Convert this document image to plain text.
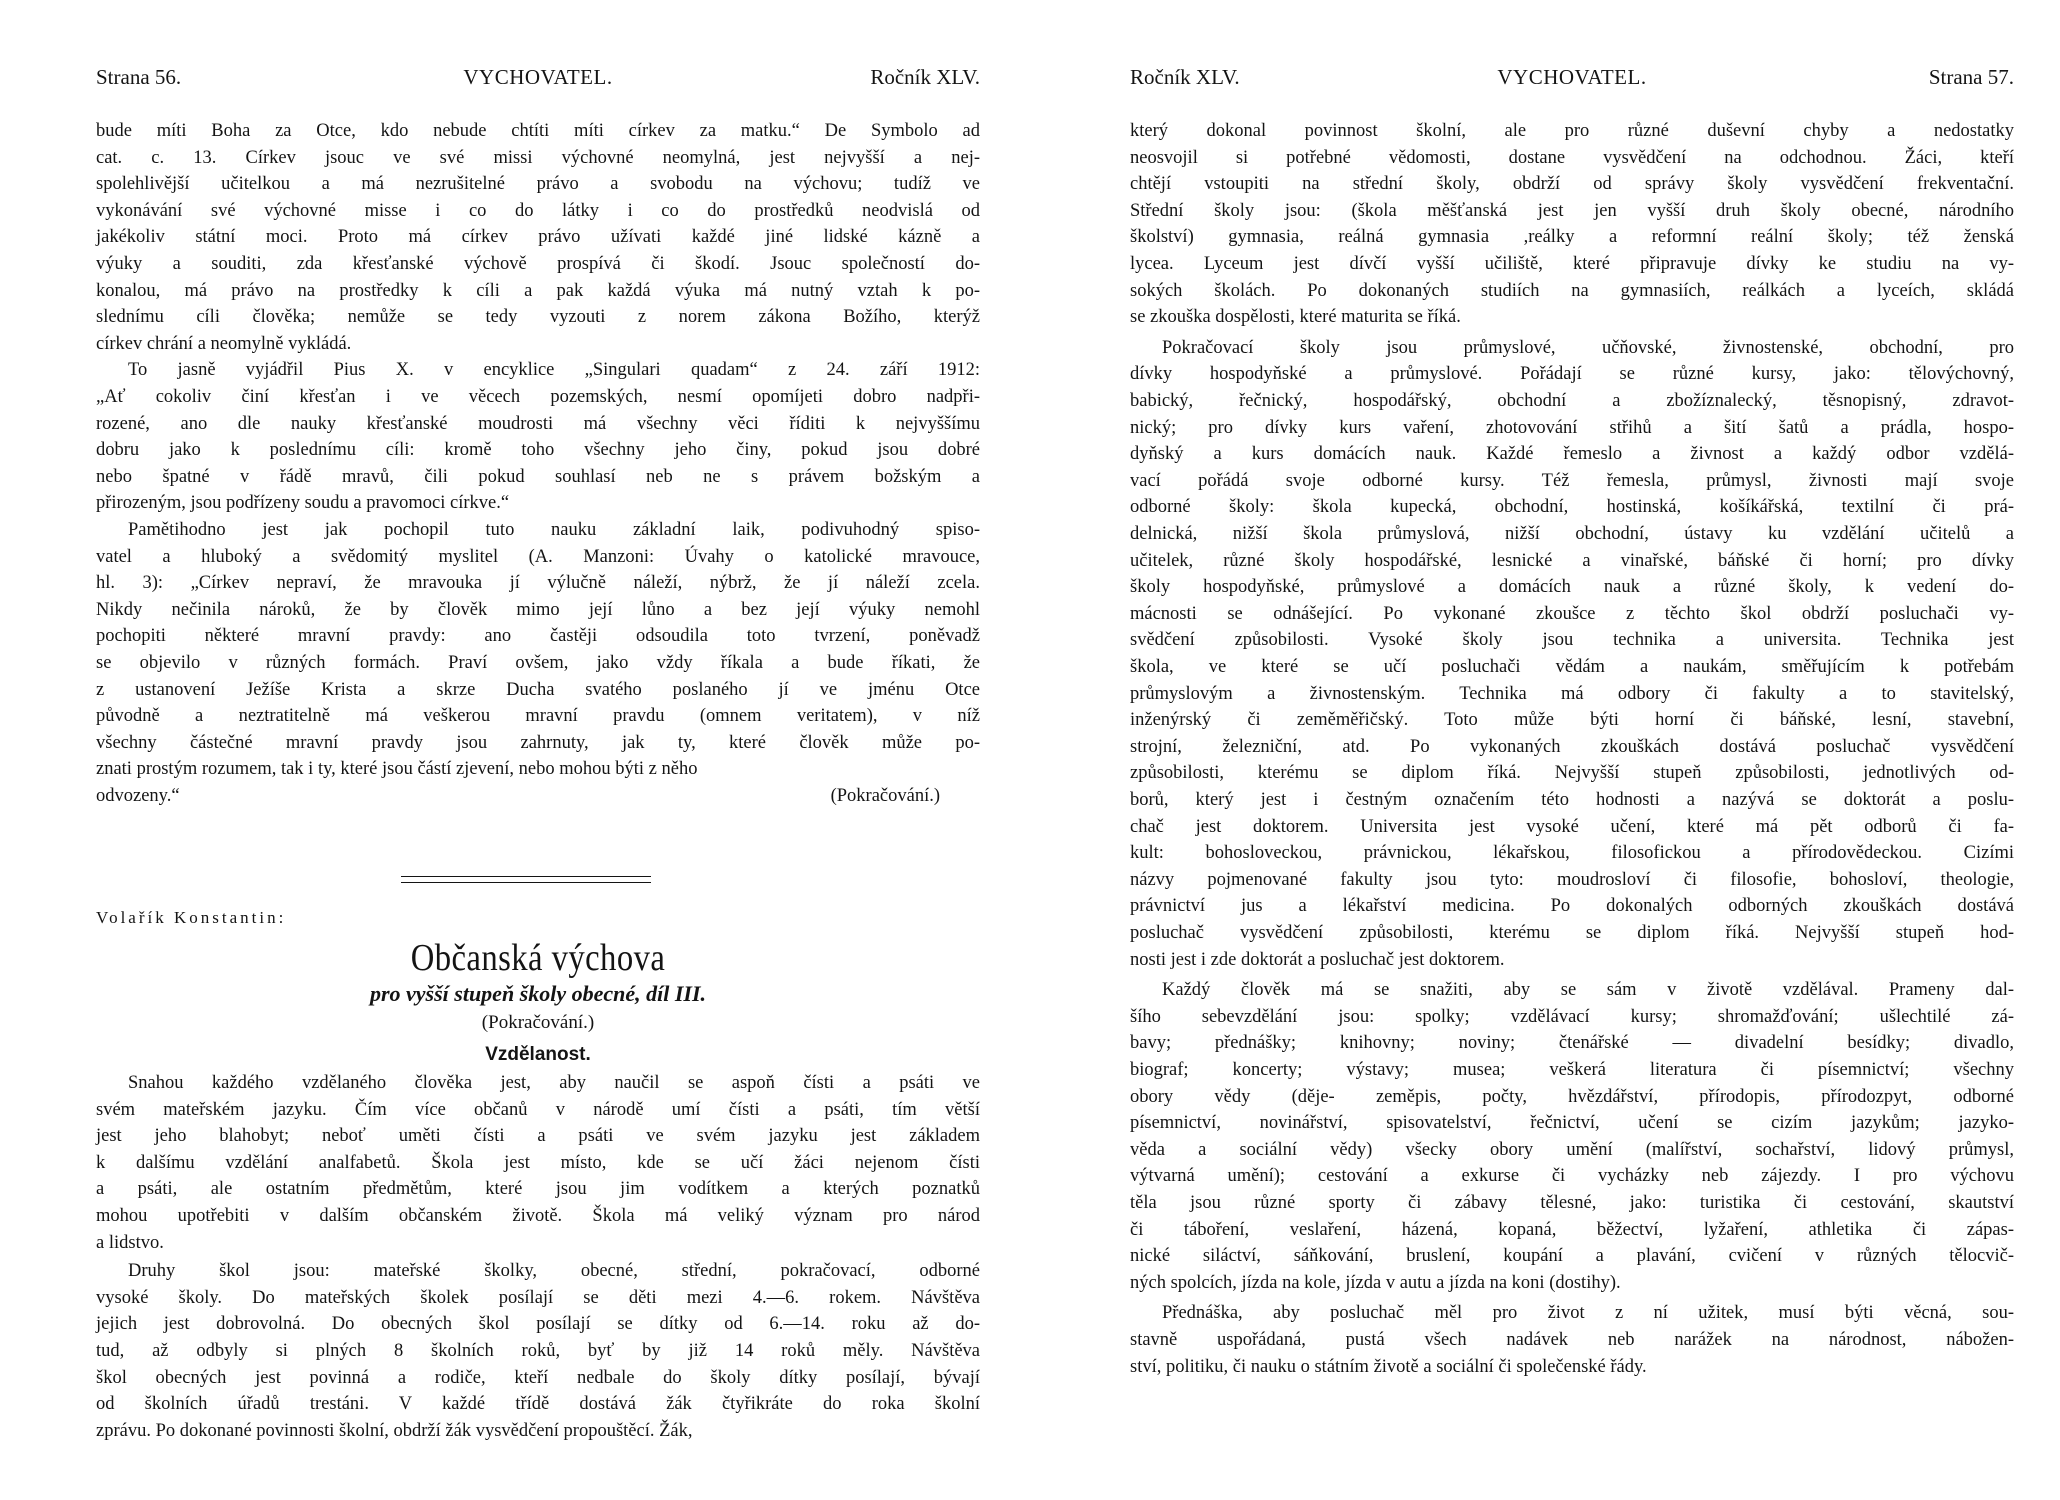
Strana 56.	VYCHOVATEL.	Ročník XLV.
bude míti Boha za Otce, kdo nebude chtíti míti církev za matku.“ De Symbolo ad
cat. c. 13. Církev jsouc ve své missi výchovné neomylná, jest nejvyšší a nej-
spolehlivější učitelkou a má nezrušitelné právo a svobodu na výchovu; tudíž ve
vykonávání své výchovné misse i co do látky i co do prostředků neodvislá od
jakékoliv státní moci. Proto má církev právo užívati každé jiné lidské kázně a
výuky a souditi, zda křesťanské výchově prospívá či škodí. Jsouc společností do-
konalou, má právo na prostředky k cíli a pak každá výuka má nutný vztah k po-
slednímu cíli člověka; nemůže se tedy vyzouti z norem zákona Božího, kterýž
církev chrání a neomylně vykládá.
To jasně vyjádřil Pius X. v encyklice „Singulari quadam“ z 24. září 1912:
„Ať cokoliv činí křesťan i ve věcech pozemských, nesmí opomíjeti dobro nadpři-
rozené, ano dle nauky křesťanské moudrosti má všechny věci říditi k nejvyššímu
dobru jako k poslednímu cíli: kromě toho všechny jeho činy, pokud jsou dobré
nebo špatné v řádě mravů, čili pokud souhlasí neb ne s právem božským a
přirozeným, jsou podřízeny soudu a pravomoci církve.“
Pamětihodno jest jak pochopil tuto nauku základní laik, podivuhodný spiso-
vatel a hluboký a svědomitý myslitel (A. Manzoni: Úvahy o katolické mravouce,
hl. 3): „Církev nepraví, že mravouka jí výlučně náleží, nýbrž, že jí náleží zcela.
Nikdy nečinila nároků, že by člověk mimo její lůno a bez její výuky nemohl
pochopiti některé mravní pravdy: ano častěji odsoudila toto tvrzení, poněvadž
se objevilo v různých formách. Praví ovšem, jako vždy říkala a bude říkati, že
z ustanovení Ježíše Krista a skrze Ducha svatého poslaného jí ve jménu Otce
původně a neztratitelně má veškerou mravní pravdu (omnem veritatem), v níž
všechny částečné mravní pravdy jsou zahrnuty, jak ty, které člověk může po-
znati prostým rozumem, tak i ty, které jsou částí zjevení, nebo mohou býti z něho
odvozeny.“	(Pokračování.)
Volařík Konstantin:
Občanská výchova
pro vyšší stupeň školy obecné, díl III.
(Pokračování.)
Vzdělanost.
Snahou každého vzdělaného člověka jest, aby naučil se aspoň čísti a psáti ve
svém mateřském jazyku. Čím více občanů v národě umí čísti a psáti, tím větší
jest jeho blahobyt; neboť uměti čísti a psáti ve svém jazyku jest základem
k dalšímu vzdělání analfabetů. Škola jest místo, kde se učí žáci nejenom čísti
a psáti, ale ostatním předmětům, které jsou jim vodítkem a kterých poznatků
mohou upotřebiti v dalším občanském životě. Škola má veliký význam pro národ
a lidstvo.
Druhy škol jsou: mateřské školky, obecné, střední, pokračovací, odborné
vysoké školy. Do mateřských školek posílají se děti mezi 4.—6. rokem. Návštěva
jejich jest dobrovolná. Do obecných škol posílají se dítky od 6.—14. roku až do-
tud, až odbyly si plných 8 školních roků, byť by již 14 roků měly. Návštěva
škol obecných jest povinná a rodiče, kteří nedbale do školy dítky posílají, bývají
od školních úřadů trestáni. V každé třídě dostává žák čtyřikráte do roka školní
zprávu. Po dokonané povinnosti školní, obdrží žák vysvědčení propouštěcí. Žák,
Ročník XLV.	VYCHOVATEL.	Strana 57.
který dokonal povinnost školní, ale pro různé duševní chyby a nedostatky
neosvojil si potřebné vědomosti, dostane vysvědčení na odchodnou. Žáci, kteří
chtějí vstoupiti na střední školy, obdrží od správy školy vysvědčení frekventační.
Střední školy jsou: (škola měšťanská jest jen vyšší druh školy obecné, národního
školství) gymnasia, reálná gymnasia ,reálky a reformní reální školy; též ženská
lycea. Lyceum jest dívčí vyšší učiliště, které připravuje dívky ke studiu na vy-
sokých školách. Po dokonaných studiích na gymnasiích, reálkách a lyceích, skládá
se zkouška dospělosti, které maturita se říká.
Pokračovací školy jsou průmyslové, učňovské, živnostenské, obchodní, pro
dívky hospodyňské a průmyslové. Pořádají se různé kursy, jako: tělovýchovný,
babický, řečnický, hospodářský, obchodní a zbožíznalecký, těsnopisný, zdravot-
nický; pro dívky kurs vaření, zhotovování střihů a šití šatů a prádla, hospo-
dyňský a kurs domácích nauk. Každé řemeslo a živnost a každý odbor vzdělá-
vací pořádá svoje odborné kursy. Též řemesla, průmysl, živnosti mají svoje
odborné školy: škola kupecká, obchodní, hostinská, košíkářská, textilní či prá-
delnická, nižší škola průmyslová, nižší obchodní, ústavy ku vzdělání učitelů a
učitelek, různé školy hospodářské, lesnické a vinařské, báňské či horní; pro dívky
školy hospodyňské, průmyslové a domácích nauk a různé školy, k vedení do-
mácnosti se odnášející. Po vykonané zkoušce z těchto škol obdrží posluchači vy-
svědčení způsobilosti. Vysoké školy jsou technika a universita. Technika jest
škola, ve které se učí posluchači vědám a naukám, směřujícím k potřebám
průmyslovým a živnostenským. Technika má odbory či fakulty a to stavitelský,
inženýrský či zeměměřičský. Toto může býti horní či báňské, lesní, stavební,
strojní, železniční, atd. Po vykonaných zkouškách dostává posluchač vysvědčení
způsobilosti, kterému se diplom říká. Nejvyšší stupeň způsobilosti, jednotlivých od-
borů, který jest i čestným označením této hodnosti a nazývá se doktorát a poslu-
chač jest doktorem. Universita jest vysoké učení, které má pět odborů či fa-
kult: bohosloveckou, právnickou, lékařskou, filosofickou a přírodovědeckou. Cizími
názvy pojmenované fakulty jsou tyto: moudrosloví či filosofie, bohosloví, theologie,
právnictví jus a lékařství medicina. Po dokonalých odborných zkouškách dostává
posluchač vysvědčení způsobilosti, kterému se diplom říká. Nejvyšší stupeň hod-
nosti jest i zde doktorát a posluchač jest doktorem.
Každý člověk má se snažiti, aby se sám v životě vzdělával. Prameny dal-
šího sebevzdělání jsou: spolky; vzdělávací kursy; shromažďování; ušlechtilé zá-
bavy; přednášky; knihovny; noviny; čtenářské — divadelní besídky; divadlo,
biograf; koncerty; výstavy; musea; veškerá literatura či písemnictví; všechny
obory vědy (děje- zeměpis, počty, hvězdářství, přírodopis, přírodozpyt, odborné
písemnictví, novinářství, spisovatelství, řečnictví, učení se cizím jazykům; jazyko-
věda a sociální vědy) všecky obory umění (malířství, sochařství, lidový průmysl,
výtvarná umění); cestování a exkurse či vycházky neb zájezdy. I pro výchovu
těla jsou různé sporty či zábavy tělesné, jako: turistika či cestování, skautství
či táboření, veslaření, házená, kopaná, běžectví, lyžaření, athletika či zápas-
nické siláctví, sáňkování, bruslení, koupání a plavání, cvičení v různých tělocvič-
ných spolcích, jízda na kole, jízda v autu a jízda na koni (dostihy).
Přednáška, aby posluchač měl pro život z ní užitek, musí býti věcná, sou-
stavně uspořádaná, pustá všech nadávek neb narážek na národnost, nábožen-
ství, politiku, či nauku o státním životě a sociální či společenské řády.
